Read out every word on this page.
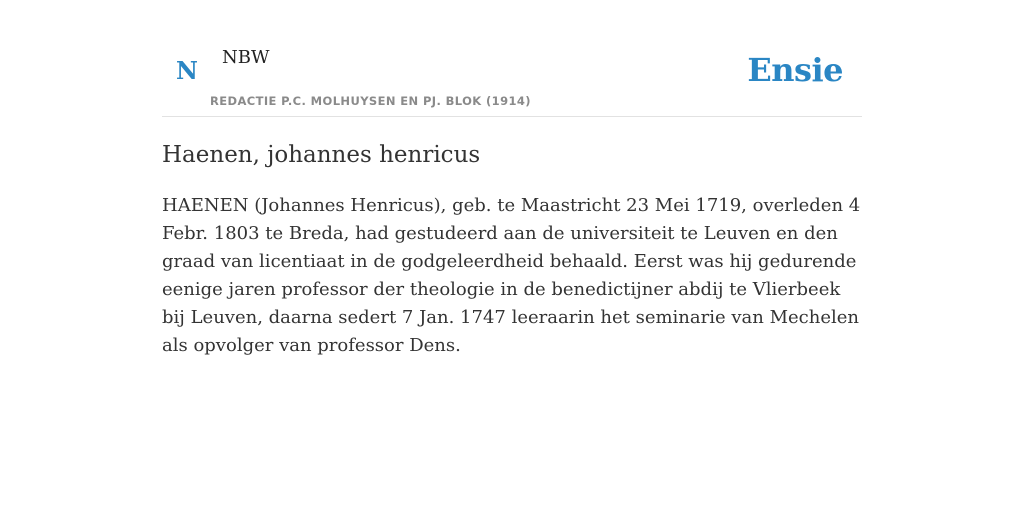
N NBW
REDACTIE P.C. MOLHUYSEN EN PJ. BLOK (1914)
Ensie
Haenen, johannes henricus

HAENEN (Johannes Henricus), geb. te Maastricht 23 Mei 1719, overleden 4 Febr. 1803 te Breda, had gestudeerd aan de universiteit te Leuven en den graad van licentiaat in de godgeleerdheid behaald. Eerst was hij gedurende eenige jaren professor der theologie in de benedictijner abdij te Vlierbeek bij Leuven, daarna sedert 7 Jan. 1747 leeraarin het seminarie van Mechelen als opvolger van professor Dens.
